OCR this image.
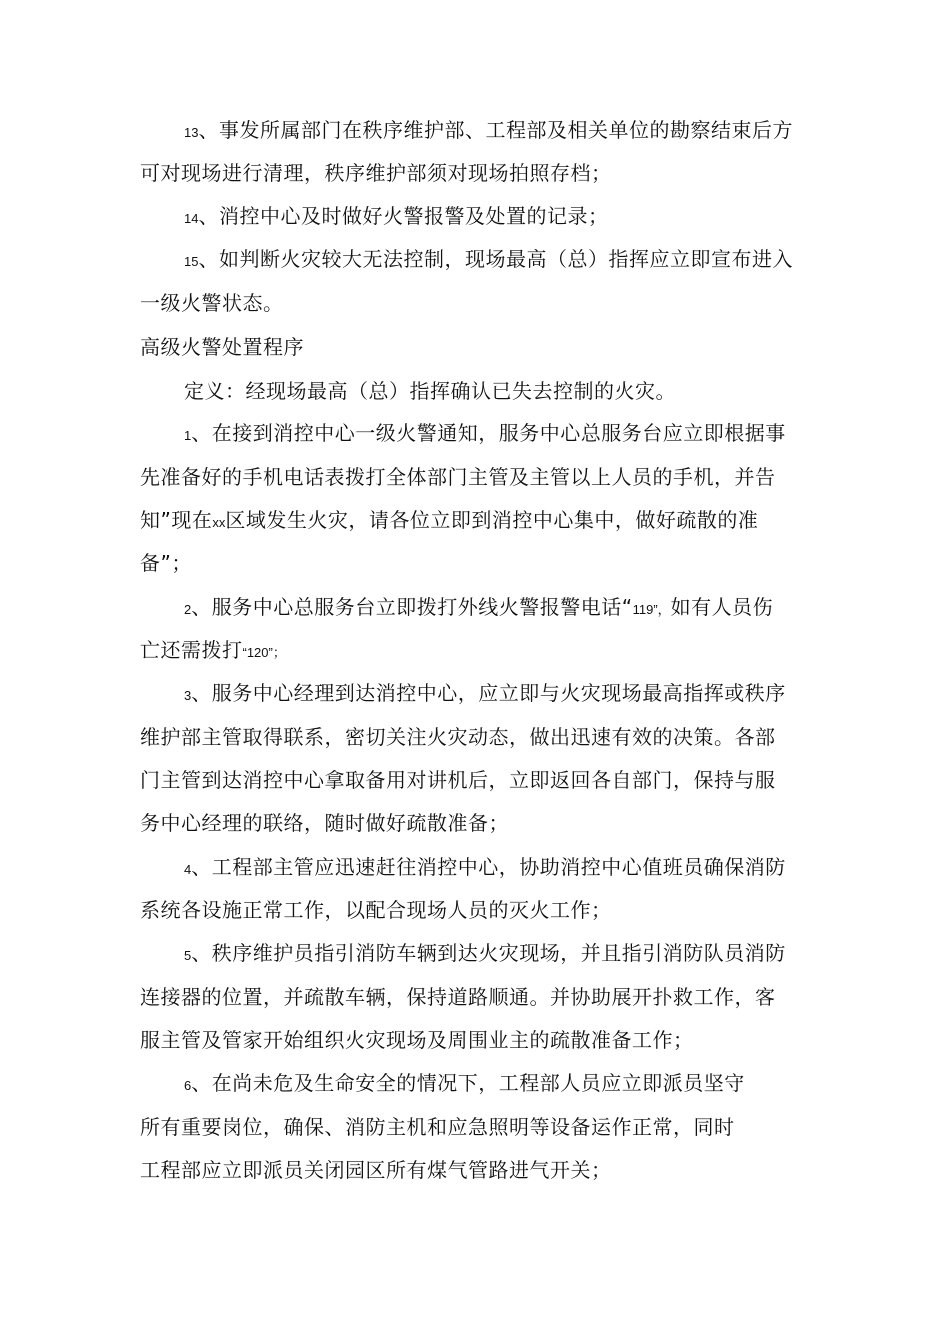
13、事发所属部门在秩序维护部、工程部及相关单位的勘察结束后方
可对现场进行清理，秩序维护部须对现场拍照存档；
14、消控中心及时做好火警报警及处置的记录；
15、如判断火灾较大无法控制，现场最高（总）指挥应立即宣布进入
一级火警状态。
高级火警处置程序
定义：经现场最高（总）指挥确认已失去控制的火灾。
1、在接到消控中心一级火警通知，服务中心总服务台应立即根据事
先准备好的手机电话表拨打全体部门主管及主管以上人员的手机，并告
知”现在xx区域发生火灾，请各位立即到消控中心集中，做好疏散的准
备”；
2、服务中心总服务台立即拨打外线火警报警电话“119”，如有人员伤
亡还需拨打“120”；
3、服务中心经理到达消控中心，应立即与火灾现场最高指挥或秩序
维护部主管取得联系，密切关注火灾动态，做出迅速有效的决策。各部
门主管到达消控中心拿取备用对讲机后，立即返回各自部门，保持与服
务中心经理的联络，随时做好疏散准备；
4、工程部主管应迅速赶往消控中心，协助消控中心值班员确保消防
系统各设施正常工作，以配合现场人员的灭火工作；
5、秩序维护员指引消防车辆到达火灾现场，并且指引消防队员消防
连接器的位置，并疏散车辆，保持道路顺通。并协助展开扑救工作，客
服主管及管家开始组织火灾现场及周围业主的疏散准备工作；
6、在尚未危及生命安全的情况下，工程部人员应立即派员坚守
所有重要岗位，确保、消防主机和应急照明等设备运作正常，同时
工程部应立即派员关闭园区所有煤气管路进气开关；
